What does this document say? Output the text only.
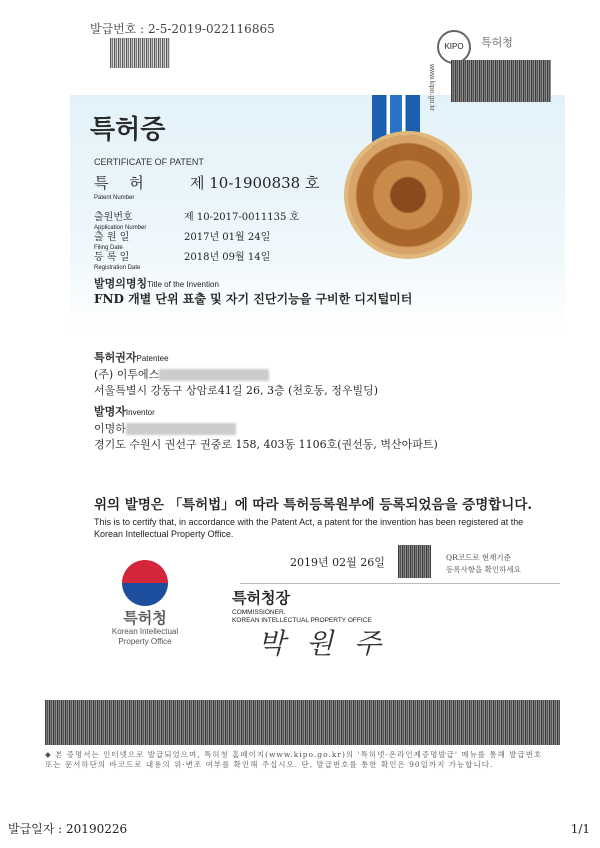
발급번호 : 2-5-2019-022116865
KIPO	특허청
www.kipo.go.kr
특허증
CERTIFICATE OF PATENT
특 허	제 10-1900838 호
Patent Number
출원번호	제 10-2017-0011135 호
Application Number
출 원 일	2017년 01월 24일
Filing Date
등 록 일	2018년 09월 14일
Registration Date
발명의명칭Title of the Invention
FND 개별 단위 표출 및 자기 진단기능을 구비한 디지털미터
특허권자Patentee
(주) 이투에스
서울특별시 강동구 상암로41길 26, 3층 (천호동, 정우빌딩)
발명자Inventor
이명하
경기도 수원시 권선구 권중로 158, 403동 1106호(권선동, 벽산아파트)
위의 발명은 「특허법」에 따라 특허등록원부에 등록되었음을 증명합니다.
This is to certify that, in accordance with the Patent Act, a patent for the invention has been registered at the Korean Intellectual Property Office.
2019년 02월 26일	QR코드로 현재기준
등록사항을 확인하세요
특허청장
COMMISSIONER,
KOREAN INTELLECTUAL PROPERTY OFFICE
박 원 주
특허청
Korean Intellectual
Property Office
◆ 본 증명서는 인터넷으로 발급되었으며, 특허청 홈페이지(www.kipo.go.kr)의 '특허넷-온라인제증명발급' 메뉴를 통해 발급번호 또는 문서하단의 바코드로 내용의 위·변조 여부를 확인해 주십시오. 단, 발급번호를 통한 확인은 90일까지 가능합니다.
발급일자 : 20190226	1/1
